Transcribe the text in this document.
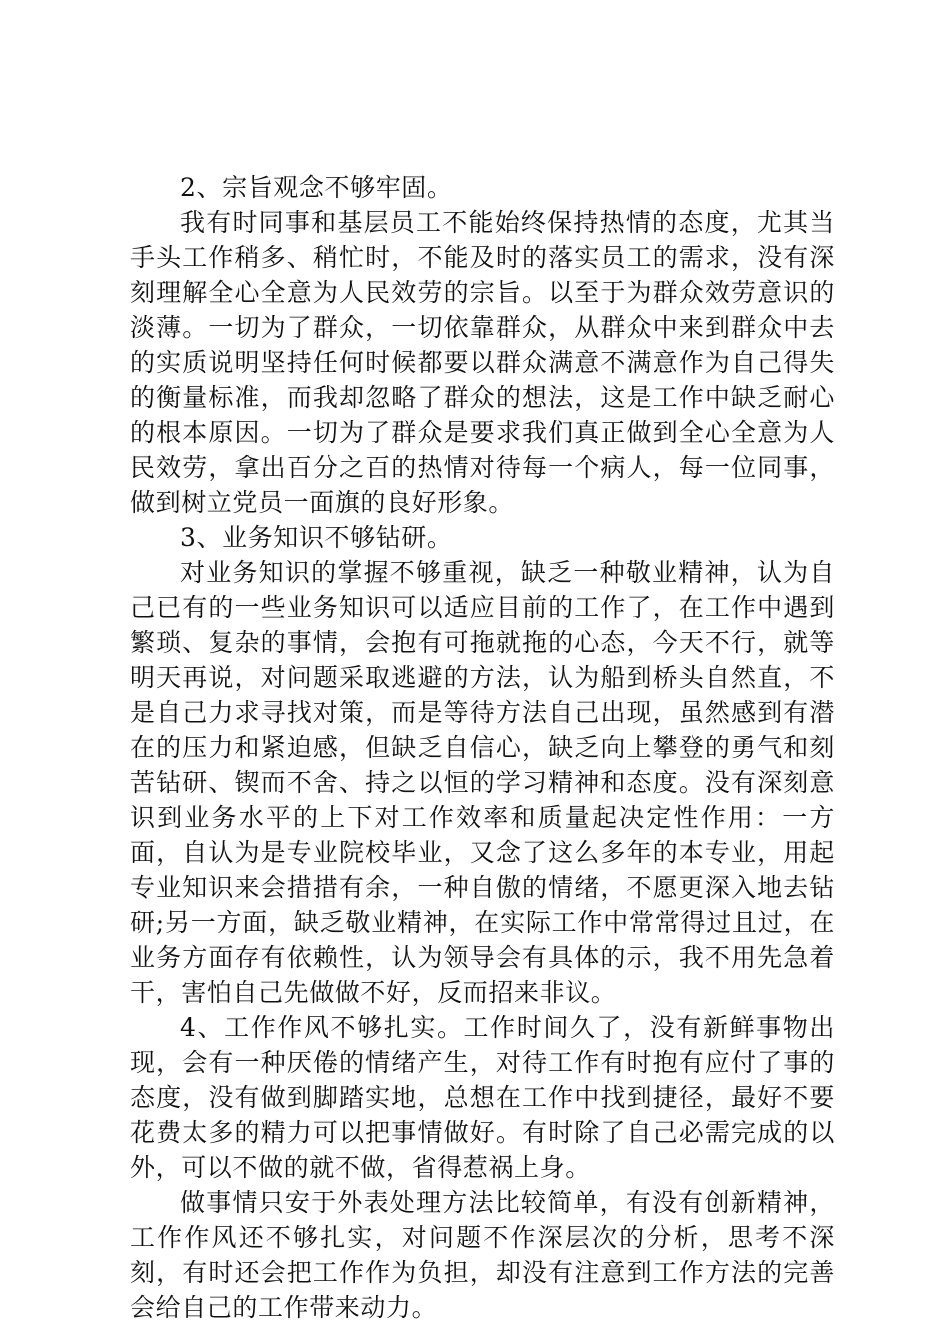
2、宗旨观念不够牢固。

我有时同事和基层员工不能始终保持热情的态度，尤其当手头工作稍多、稍忙时，不能及时的落实员工的需求，没有深刻理解全心全意为人民效劳的宗旨。以至于为群众效劳意识的淡薄。一切为了群众，一切依靠群众，从群众中来到群众中去的实质说明坚持任何时候都要以群众满意不满意作为自己得失的衡量标准，而我却忽略了群众的想法，这是工作中缺乏耐心的根本原因。一切为了群众是要求我们真正做到全心全意为人民效劳，拿出百分之百的热情对待每一个病人，每一位同事，做到树立党员一面旗的良好形象。

3、业务知识不够钻研。

对业务知识的掌握不够重视，缺乏一种敬业精神，认为自己已有的一些业务知识可以适应目前的工作了，在工作中遇到繁琐、复杂的事情，会抱有可拖就拖的心态，今天不行，就等明天再说，对问题采取逃避的方法，认为船到桥头自然直，不是自己力求寻找对策，而是等待方法自己出现，虽然感到有潜在的压力和紧迫感，但缺乏自信心，缺乏向上攀登的勇气和刻苦钻研、锲而不舍、持之以恒的学习精神和态度。没有深刻意识到业务水平的上下对工作效率和质量起决定性作用：一方面，自认为是专业院校毕业，又念了这么多年的本专业，用起专业知识来会措措有余，一种自傲的情绪，不愿更深入地去钻研;另一方面，缺乏敬业精神，在实际工作中常常得过且过，在业务方面存有依赖性，认为领导会有具体的示，我不用先急着干，害怕自己先做做不好，反而招来非议。

4、工作作风不够扎实。工作时间久了，没有新鲜事物出现，会有一种厌倦的情绪产生，对待工作有时抱有应付了事的态度，没有做到脚踏实地，总想在工作中找到捷径，最好不要花费太多的精力可以把事情做好。有时除了自己必需完成的以外，可以不做的就不做，省得惹祸上身。

做事情只安于外表处理方法比较简单，有没有创新精神，工作作风还不够扎实，对问题不作深层次的分析，思考不深刻，有时还会把工作作为负担，却没有注意到工作方法的完善会给自己的工作带来动力。
